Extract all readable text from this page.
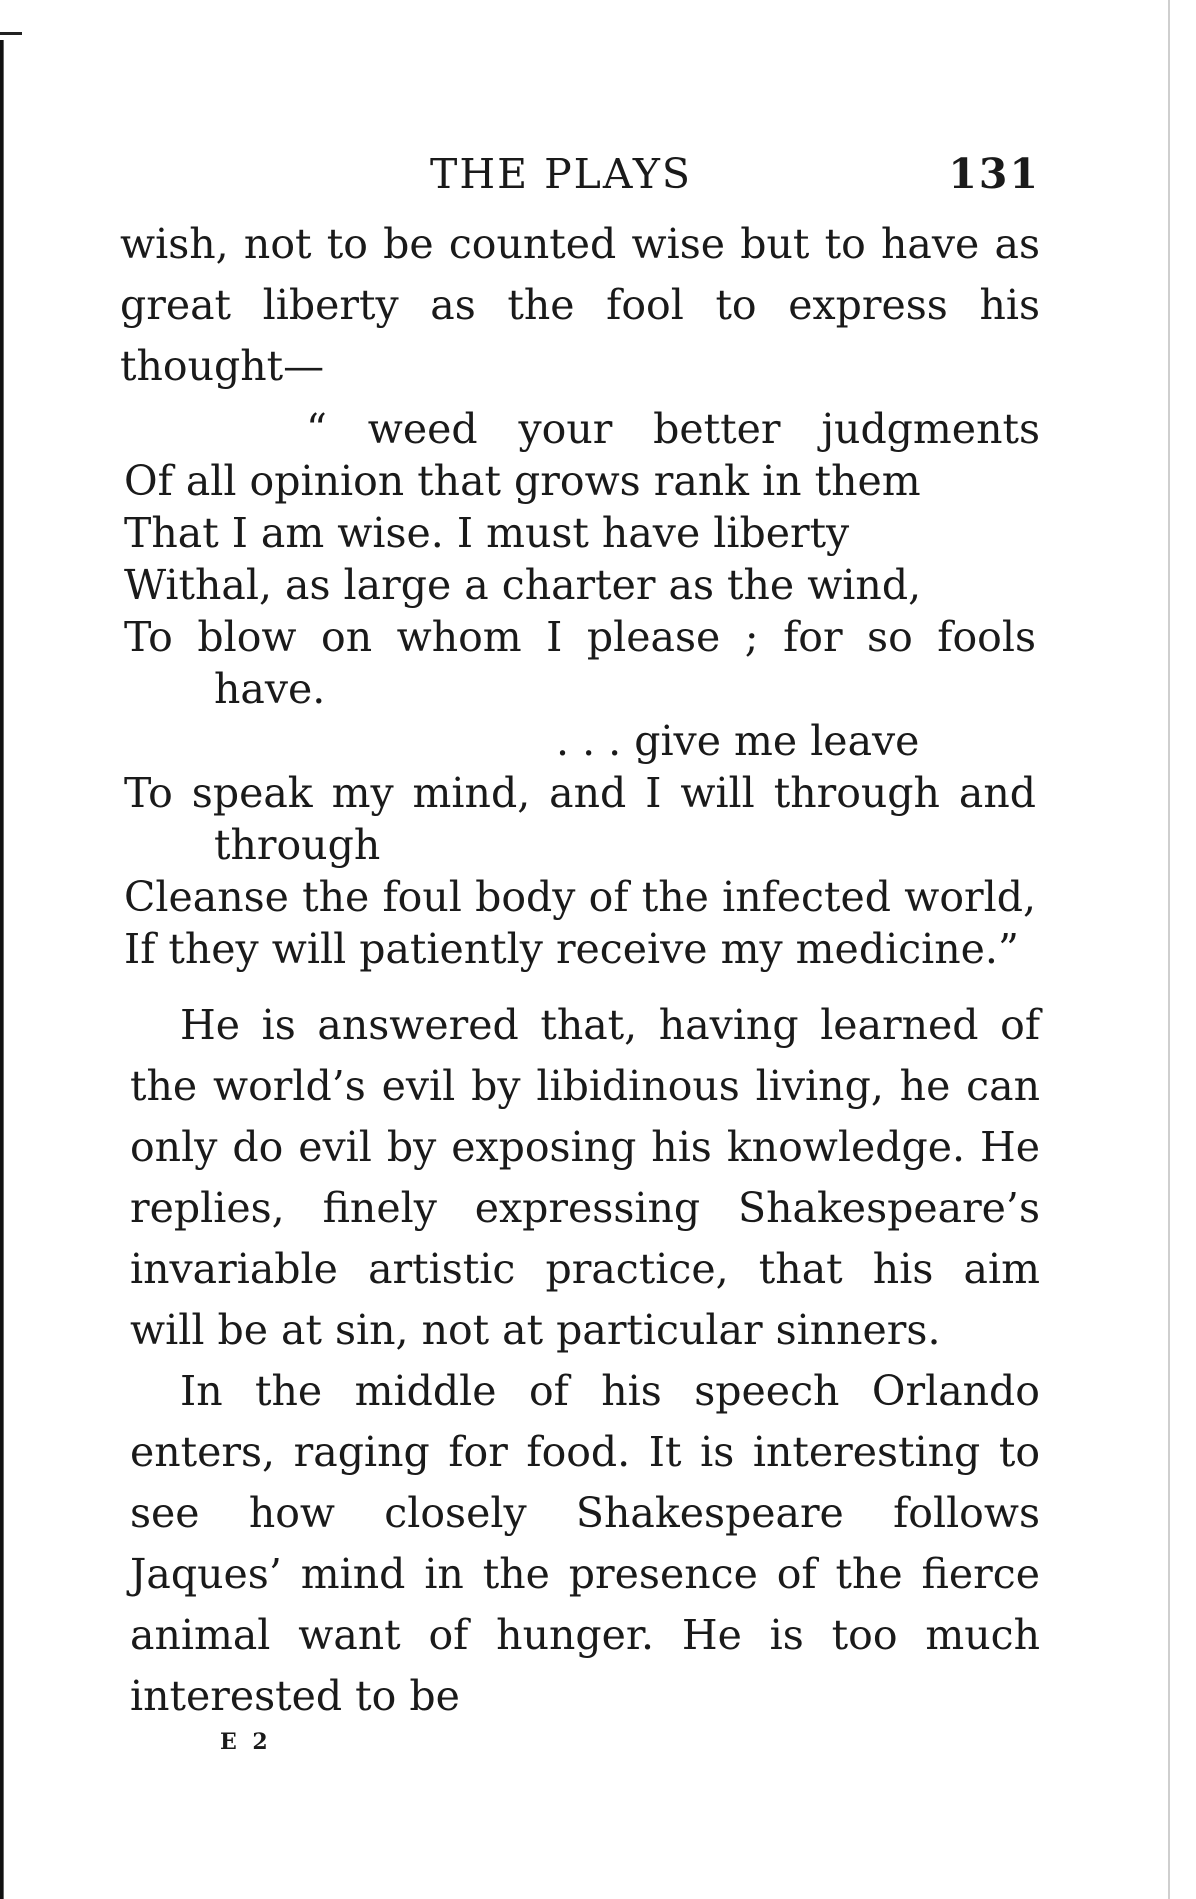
THE PLAYS	131

wish, not to be counted wise but to have as great liberty as the fool to express his thought—

“ weed your better judgments
Of all opinion that grows rank in them
That I am wise. I must have liberty
Withal, as large a charter as the wind,
To blow on whom I please ; for so fools
have.
. . . give me leave
To speak my mind, and I will through and
through
Cleanse the foul body of the infected world,
If they will patiently receive my medicine.”

He is answered that, having learned of the world’s evil by libidinous living, he can only do evil by exposing his knowledge. He replies, finely expressing Shakespeare’s invariable artistic practice, that his aim will be at sin, not at particular sinners.

In the middle of his speech Orlando enters, raging for food. It is interesting to see how closely Shakespeare follows Jaques’ mind in the presence of the fierce animal want of hunger. He is too much interested to be

E 2
